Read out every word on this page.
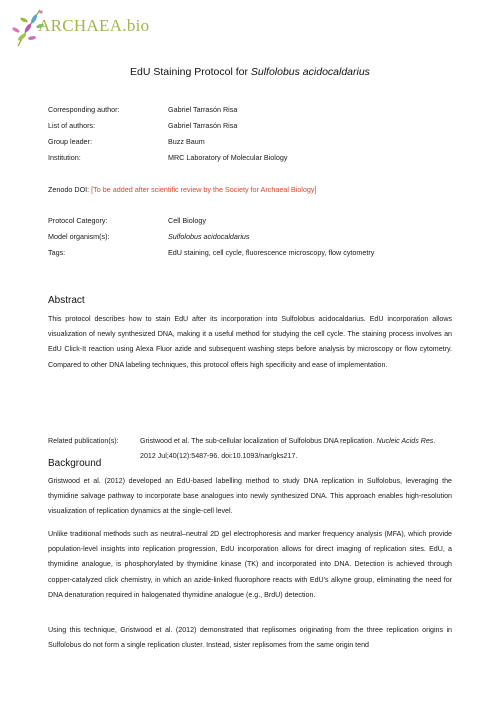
ARCHAEA.bio
EdU Staining Protocol for Sulfolobus acidocaldarius
Corresponding author:	Gabriel Tarrasón Risa
List of authors:	Gabriel Tarrasón Risa
Group leader:	Buzz Baum
Institution:	MRC Laboratory of Molecular Biology
Zenodo DOI: [To be added after scientific review by the Society for Archaeal Biology]
Protocol Category:	Cell Biology
Model organism(s):	Sulfolobus acidocaldarius
Tags:	EdU staining, cell cycle, fluorescence microscopy, flow cytometry
Abstract
This protocol describes how to stain EdU after its incorporation into Sulfolobus acidocaldarius. EdU incorporation allows visualization of newly synthesized DNA, making it a useful method for studying the cell cycle. The staining process involves an EdU Click-It reaction using Alexa Fluor azide and subsequent washing steps before analysis by microscopy or flow cytometry. Compared to other DNA labeling techniques, this protocol offers high specificity and ease of implementation.
Related publication(s):	Gristwood et al. The sub-cellular localization of Sulfolobus DNA replication. Nucleic Acids Res. 2012 Jul;40(12):5487-96. doi:10.1093/nar/gks217.
Background
Gristwood et al. (2012) developed an EdU-based labelling method to study DNA replication in Sulfolobus, leveraging the thymidine salvage pathway to incorporate base analogues into newly synthesized DNA. This approach enables high-resolution visualization of replication dynamics at the single-cell level.
Unlike traditional methods such as neutral–neutral 2D gel electrophoresis and marker frequency analysis (MFA), which provide population-level insights into replication progression, EdU incorporation allows for direct imaging of replication sites. EdU, a thymidine analogue, is phosphorylated by thymidine kinase (TK) and incorporated into DNA. Detection is achieved through copper-catalyzed click chemistry, in which an azide-linked fluorophore reacts with EdU's alkyne group, eliminating the need for DNA denaturation required in halogenated thymidine analogue (e.g., BrdU) detection.
Using this technique, Gristwood et al. (2012) demonstrated that replisomes originating from the three replication origins in Sulfolobus do not form a single replication cluster. Instead, sister replisomes from the same origin tend
